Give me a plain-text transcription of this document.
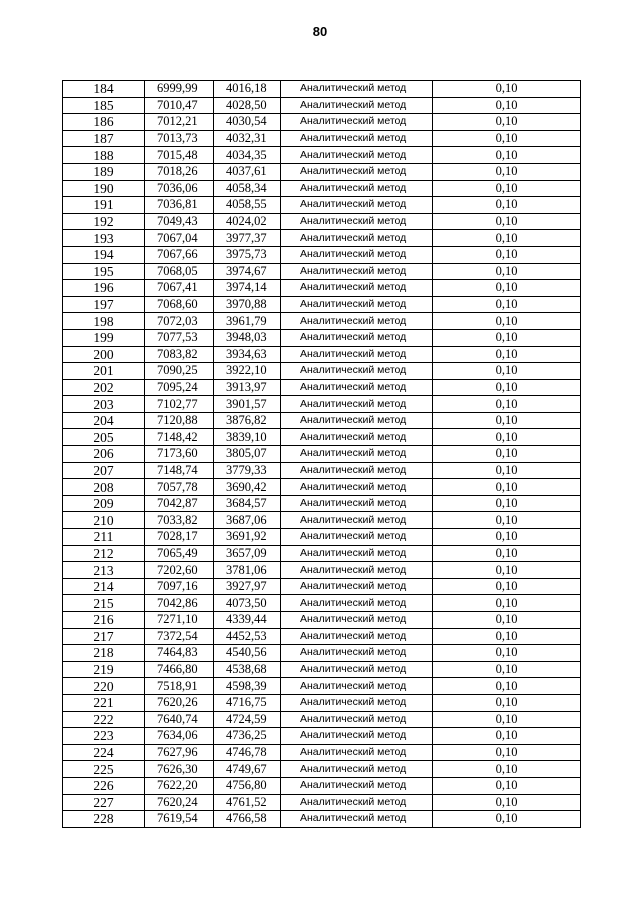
80
184	6999,99	4016,18	Аналитический метод	0,10
185	7010,47	4028,50	Аналитический метод	0,10
186	7012,21	4030,54	Аналитический метод	0,10
187	7013,73	4032,31	Аналитический метод	0,10
188	7015,48	4034,35	Аналитический метод	0,10
189	7018,26	4037,61	Аналитический метод	0,10
190	7036,06	4058,34	Аналитический метод	0,10
191	7036,81	4058,55	Аналитический метод	0,10
192	7049,43	4024,02	Аналитический метод	0,10
193	7067,04	3977,37	Аналитический метод	0,10
194	7067,66	3975,73	Аналитический метод	0,10
195	7068,05	3974,67	Аналитический метод	0,10
196	7067,41	3974,14	Аналитический метод	0,10
197	7068,60	3970,88	Аналитический метод	0,10
198	7072,03	3961,79	Аналитический метод	0,10
199	7077,53	3948,03	Аналитический метод	0,10
200	7083,82	3934,63	Аналитический метод	0,10
201	7090,25	3922,10	Аналитический метод	0,10
202	7095,24	3913,97	Аналитический метод	0,10
203	7102,77	3901,57	Аналитический метод	0,10
204	7120,88	3876,82	Аналитический метод	0,10
205	7148,42	3839,10	Аналитический метод	0,10
206	7173,60	3805,07	Аналитический метод	0,10
207	7148,74	3779,33	Аналитический метод	0,10
208	7057,78	3690,42	Аналитический метод	0,10
209	7042,87	3684,57	Аналитический метод	0,10
210	7033,82	3687,06	Аналитический метод	0,10
211	7028,17	3691,92	Аналитический метод	0,10
212	7065,49	3657,09	Аналитический метод	0,10
213	7202,60	3781,06	Аналитический метод	0,10
214	7097,16	3927,97	Аналитический метод	0,10
215	7042,86	4073,50	Аналитический метод	0,10
216	7271,10	4339,44	Аналитический метод	0,10
217	7372,54	4452,53	Аналитический метод	0,10
218	7464,83	4540,56	Аналитический метод	0,10
219	7466,80	4538,68	Аналитический метод	0,10
220	7518,91	4598,39	Аналитический метод	0,10
221	7620,26	4716,75	Аналитический метод	0,10
222	7640,74	4724,59	Аналитический метод	0,10
223	7634,06	4736,25	Аналитический метод	0,10
224	7627,96	4746,78	Аналитический метод	0,10
225	7626,30	4749,67	Аналитический метод	0,10
226	7622,20	4756,80	Аналитический метод	0,10
227	7620,24	4761,52	Аналитический метод	0,10
228	7619,54	4766,58	Аналитический метод	0,10
